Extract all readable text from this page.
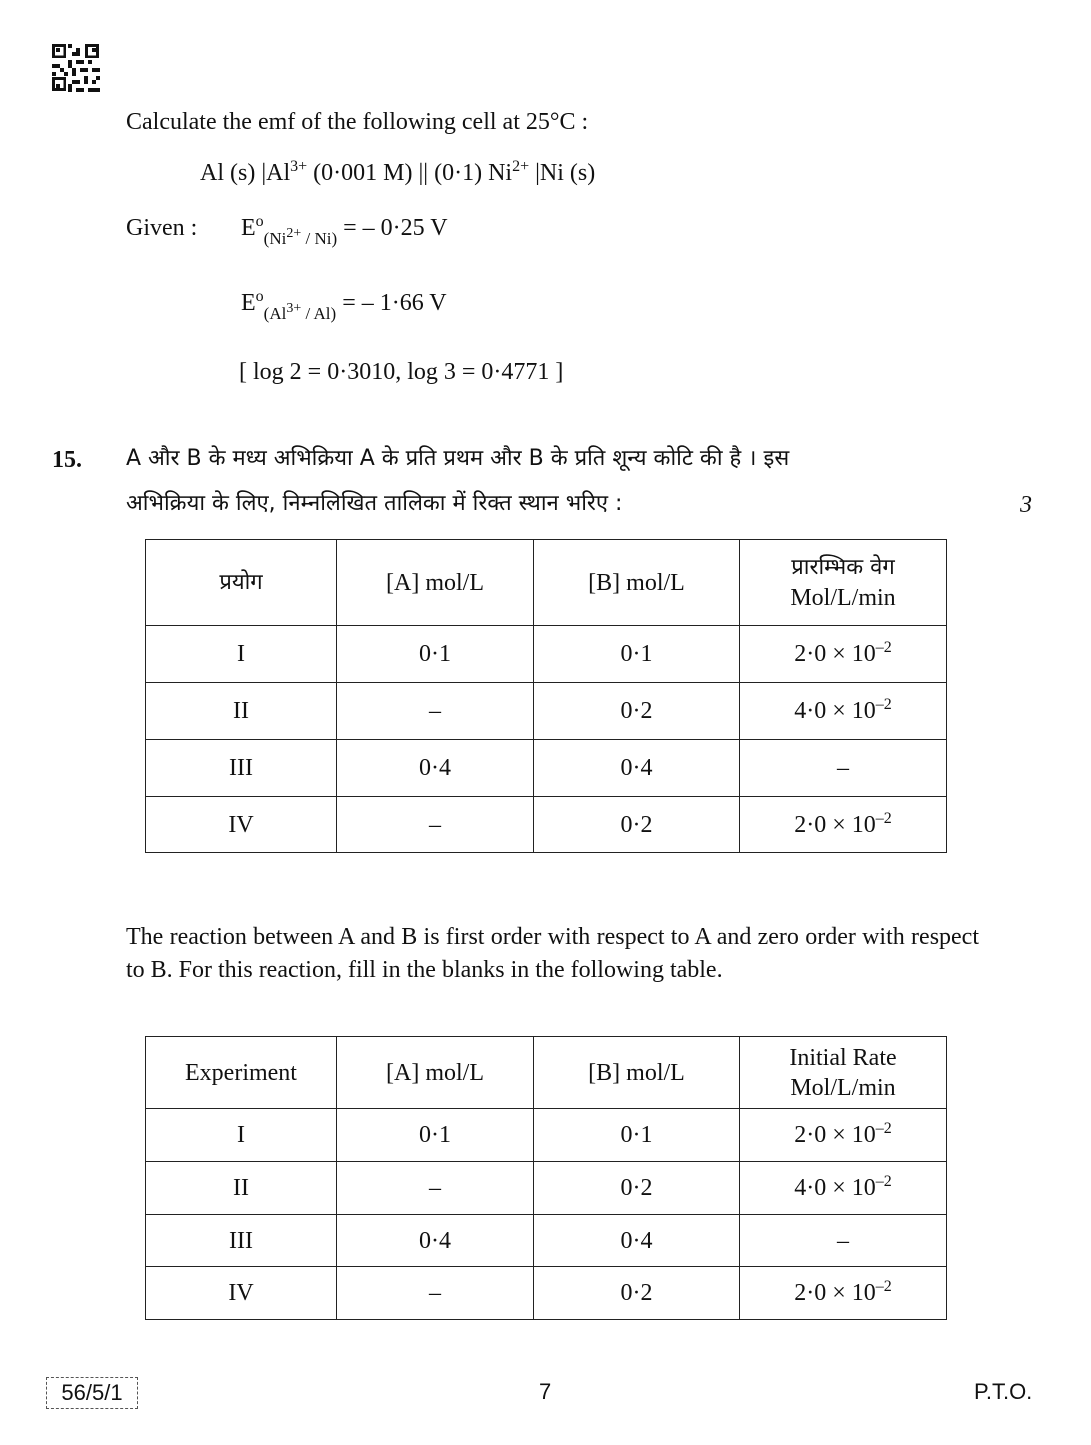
Calculate the emf of the following cell at 25°C :
Al (s) $|Al^{3+}$ (0·001 M) || (0·1) $Ni^{2+}$ |Ni (s)
Given : $E^o_{(Ni^{2+} / Ni)}$ = – 0·25 V
$E^o_{(Al^{3+} / Al)}$ = – 1·66 V
[ log 2 = 0·3010, log 3 = 0·4771 ]
15. A और B के मध्य अभिक्रिया A के प्रति प्रथम और B के प्रति शून्य कोटि की है । इस
अभिक्रिया के लिए, निम्नलिखित तालिका में रिक्त स्थान भरिए :	3
प्रयोग	[A] mol/L	[B] mol/L	प्रारम्भिक वेग
Mol/L/min

I	0·1	0·1	$2\cdot 0 \times 10^{-2}$
II	–	0·2	$4\cdot 0 \times 10^{-2}$
III	0·4	0·4	–
IV	–	0·2	$2\cdot 0 \times 10^{-2}$
The reaction between A and B is first order with respect to A and zero order with respect to B. For this reaction, fill in the blanks in the following table.
Experiment	[A] mol/L	[B] mol/L	Initial Rate
Mol/L/min

I	0·1	0·1	$2\cdot 0 \times 10^{-2}$
II	–	0·2	$4\cdot 0 \times 10^{-2}$
III	0·4	0·4	–
IV	–	0·2	$2\cdot 0 \times 10^{-2}$
56/5/1	7	P.T.O.
